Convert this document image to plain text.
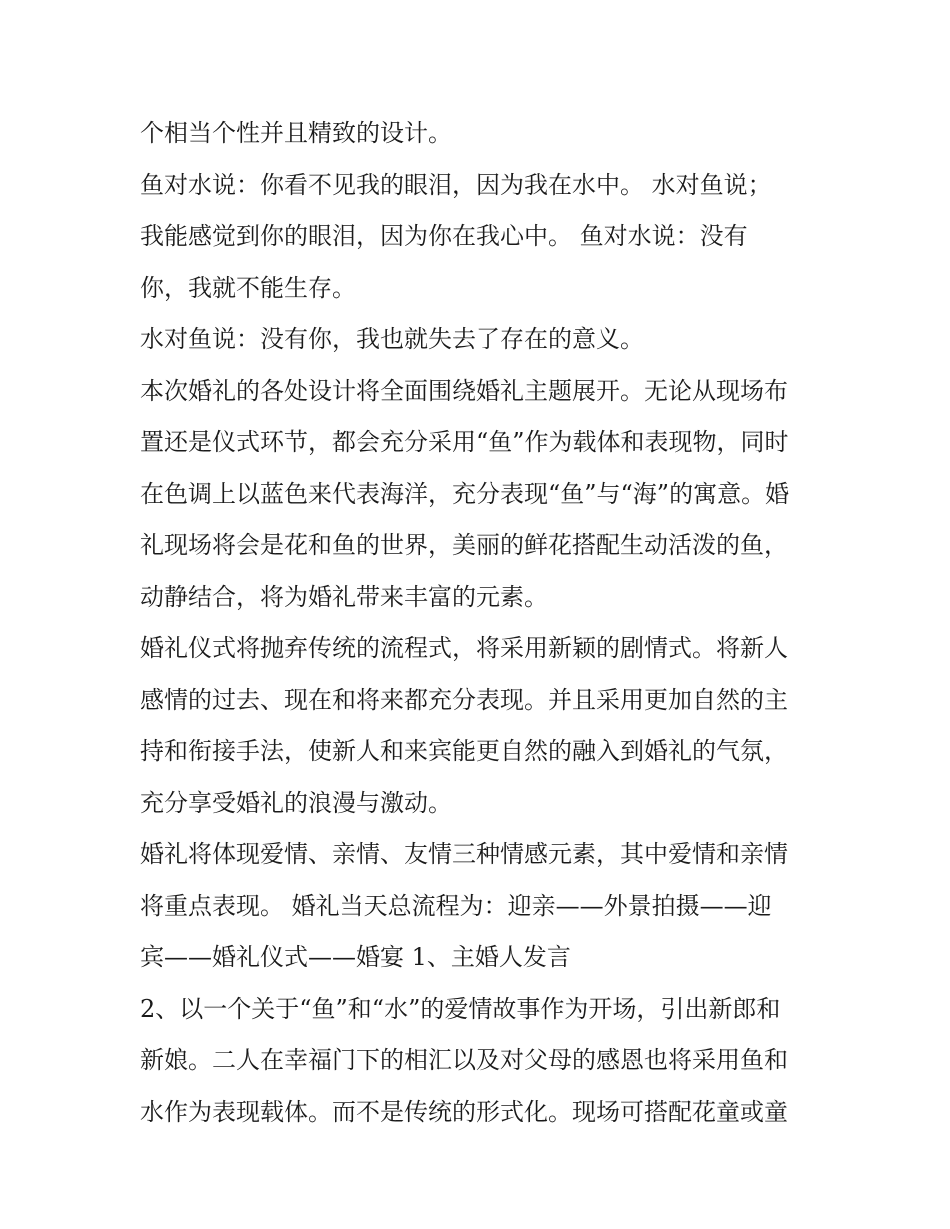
个相当个性并且精致的设计。
鱼对水说：你看不见我的眼泪，因为我在水中。 水对鱼说；
我能感觉到你的眼泪，因为你在我心中。 鱼对水说：没有
你，我就不能生存。
水对鱼说：没有你，我也就失去了存在的意义。
本次婚礼的各处设计将全面围绕婚礼主题展开。无论从现场布
置还是仪式环节，都会充分采用“鱼”作为载体和表现物，同时
在色调上以蓝色来代表海洋，充分表现“鱼”与“海”的寓意。婚
礼现场将会是花和鱼的世界，美丽的鲜花搭配生动活泼的鱼，
动静结合，将为婚礼带来丰富的元素。
婚礼仪式将抛弃传统的流程式，将采用新颖的剧情式。将新人
感情的过去、现在和将来都充分表现。并且采用更加自然的主
持和衔接手法，使新人和来宾能更自然的融入到婚礼的气氛，
充分享受婚礼的浪漫与激动。
婚礼将体现爱情、亲情、友情三种情感元素，其中爱情和亲情
将重点表现。 婚礼当天总流程为：迎亲——外景拍摄——迎
宾——婚礼仪式——婚宴 1、主婚人发言
2、以一个关于“鱼”和“水”的爱情故事作为开场，引出新郎和
新娘。二人在幸福门下的相汇以及对父母的感恩也将采用鱼和
水作为表现载体。而不是传统的形式化。现场可搭配花童或童
